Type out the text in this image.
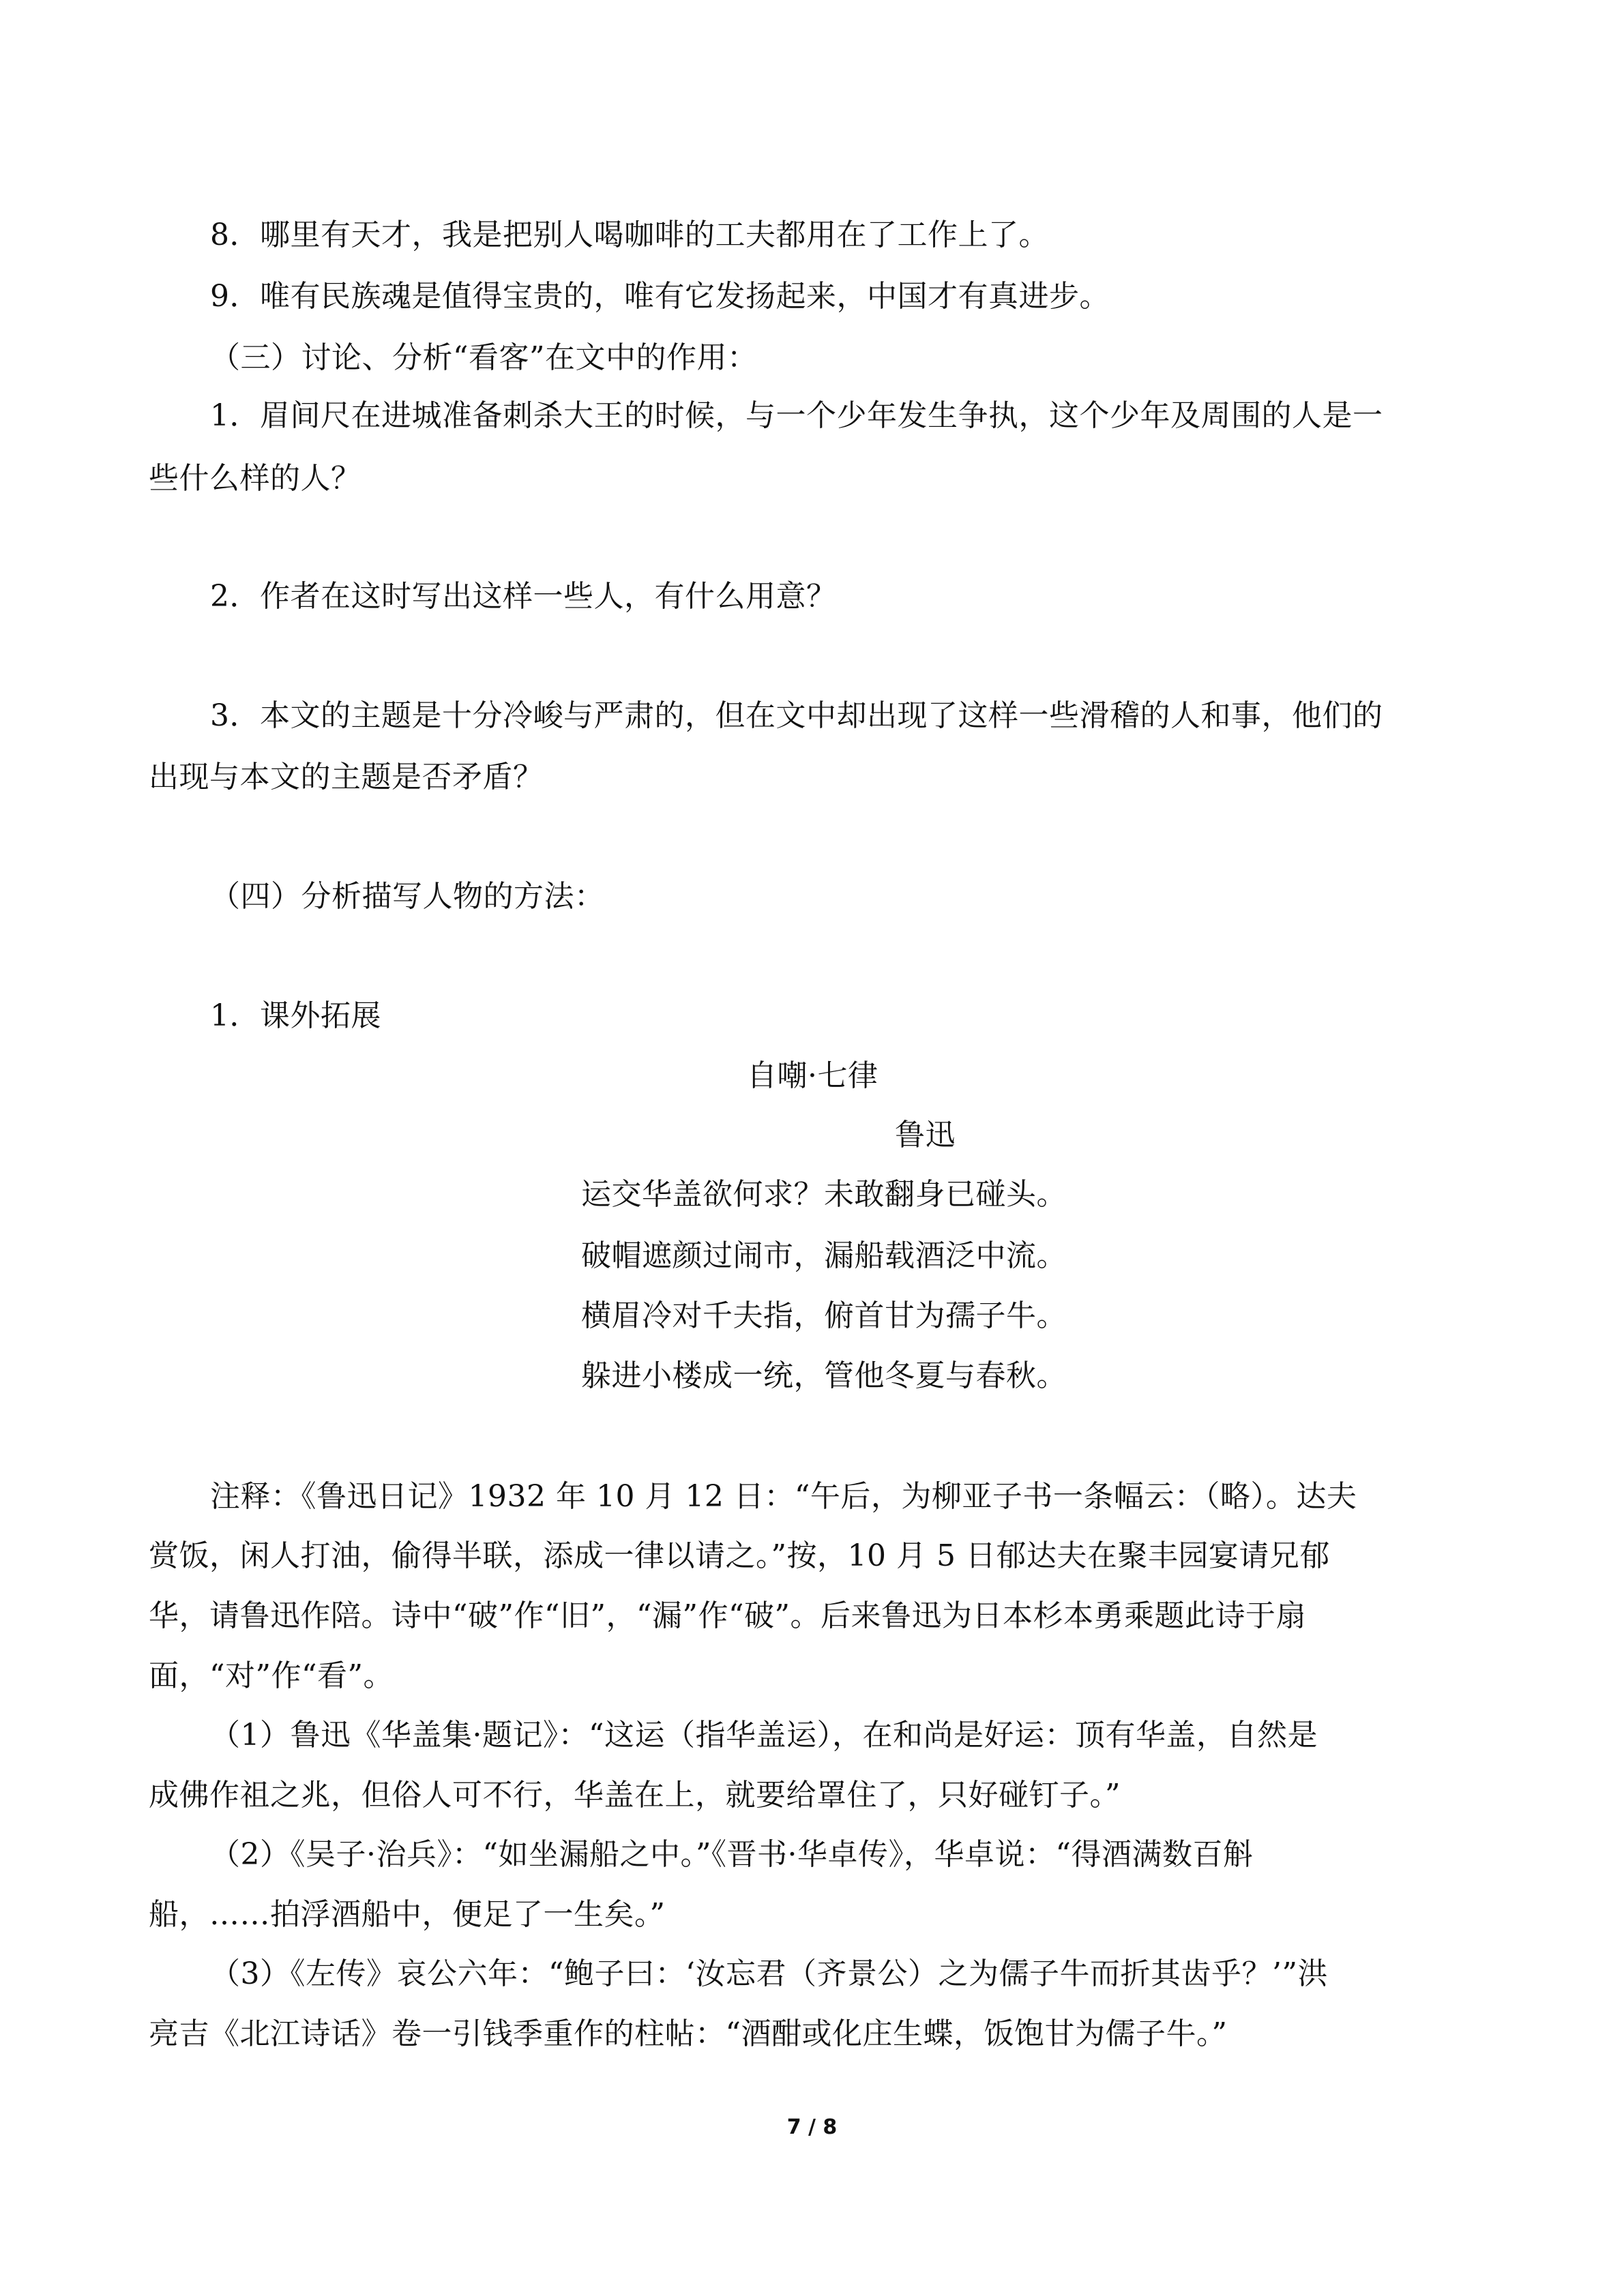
8．哪里有天才，我是把别人喝咖啡的工夫都用在了工作上了。
9．唯有民族魂是值得宝贵的，唯有它发扬起来，中国才有真进步。
（三）讨论、分析“看客”在文中的作用：
1．眉间尺在进城准备刺杀大王的时候，与一个少年发生争执，这个少年及周围的人是一
些什么样的人？
2．作者在这时写出这样一些人，有什么用意？
3．本文的主题是十分冷峻与严肃的，但在文中却出现了这样一些滑稽的人和事，他们的
出现与本文的主题是否矛盾？
（四）分析描写人物的方法：
1．课外拓展
自嘲·七律
鲁迅
运交华盖欲何求？未敢翻身已碰头。
破帽遮颜过闹市，漏船载酒泛中流。
横眉冷对千夫指，俯首甘为孺子牛。
躲进小楼成一统，管他冬夏与春秋。
注释：《鲁迅日记》1932 年 10 月 12 日：“午后，为柳亚子书一条幅云：（略）。达夫
赏饭，闲人打油，偷得半联，添成一律以请之。”按，10 月 5 日郁达夫在聚丰园宴请兄郁
华，请鲁迅作陪。诗中“破”作“旧”，“漏”作“破”。后来鲁迅为日本杉本勇乘题此诗于扇
面，“对”作“看”。
（1）鲁迅《华盖集·题记》：“这运（指华盖运），在和尚是好运：顶有华盖，自然是
成佛作祖之兆，但俗人可不行，华盖在上，就要给罩住了，只好碰钉子。”
（2）《吴子·治兵》：“如坐漏船之中。”《晋书·华卓传》，华卓说：“得酒满数百斛
船，……拍浮酒船中，便足了一生矣。”
（3）《左传》哀公六年：“鲍子曰：‘汝忘君（齐景公）之为儒子牛而折其齿乎？’”洪
亮吉《北江诗话》卷一引钱季重作的柱帖：“酒酣或化庄生蝶，饭饱甘为儒子牛。”
7 / 8
